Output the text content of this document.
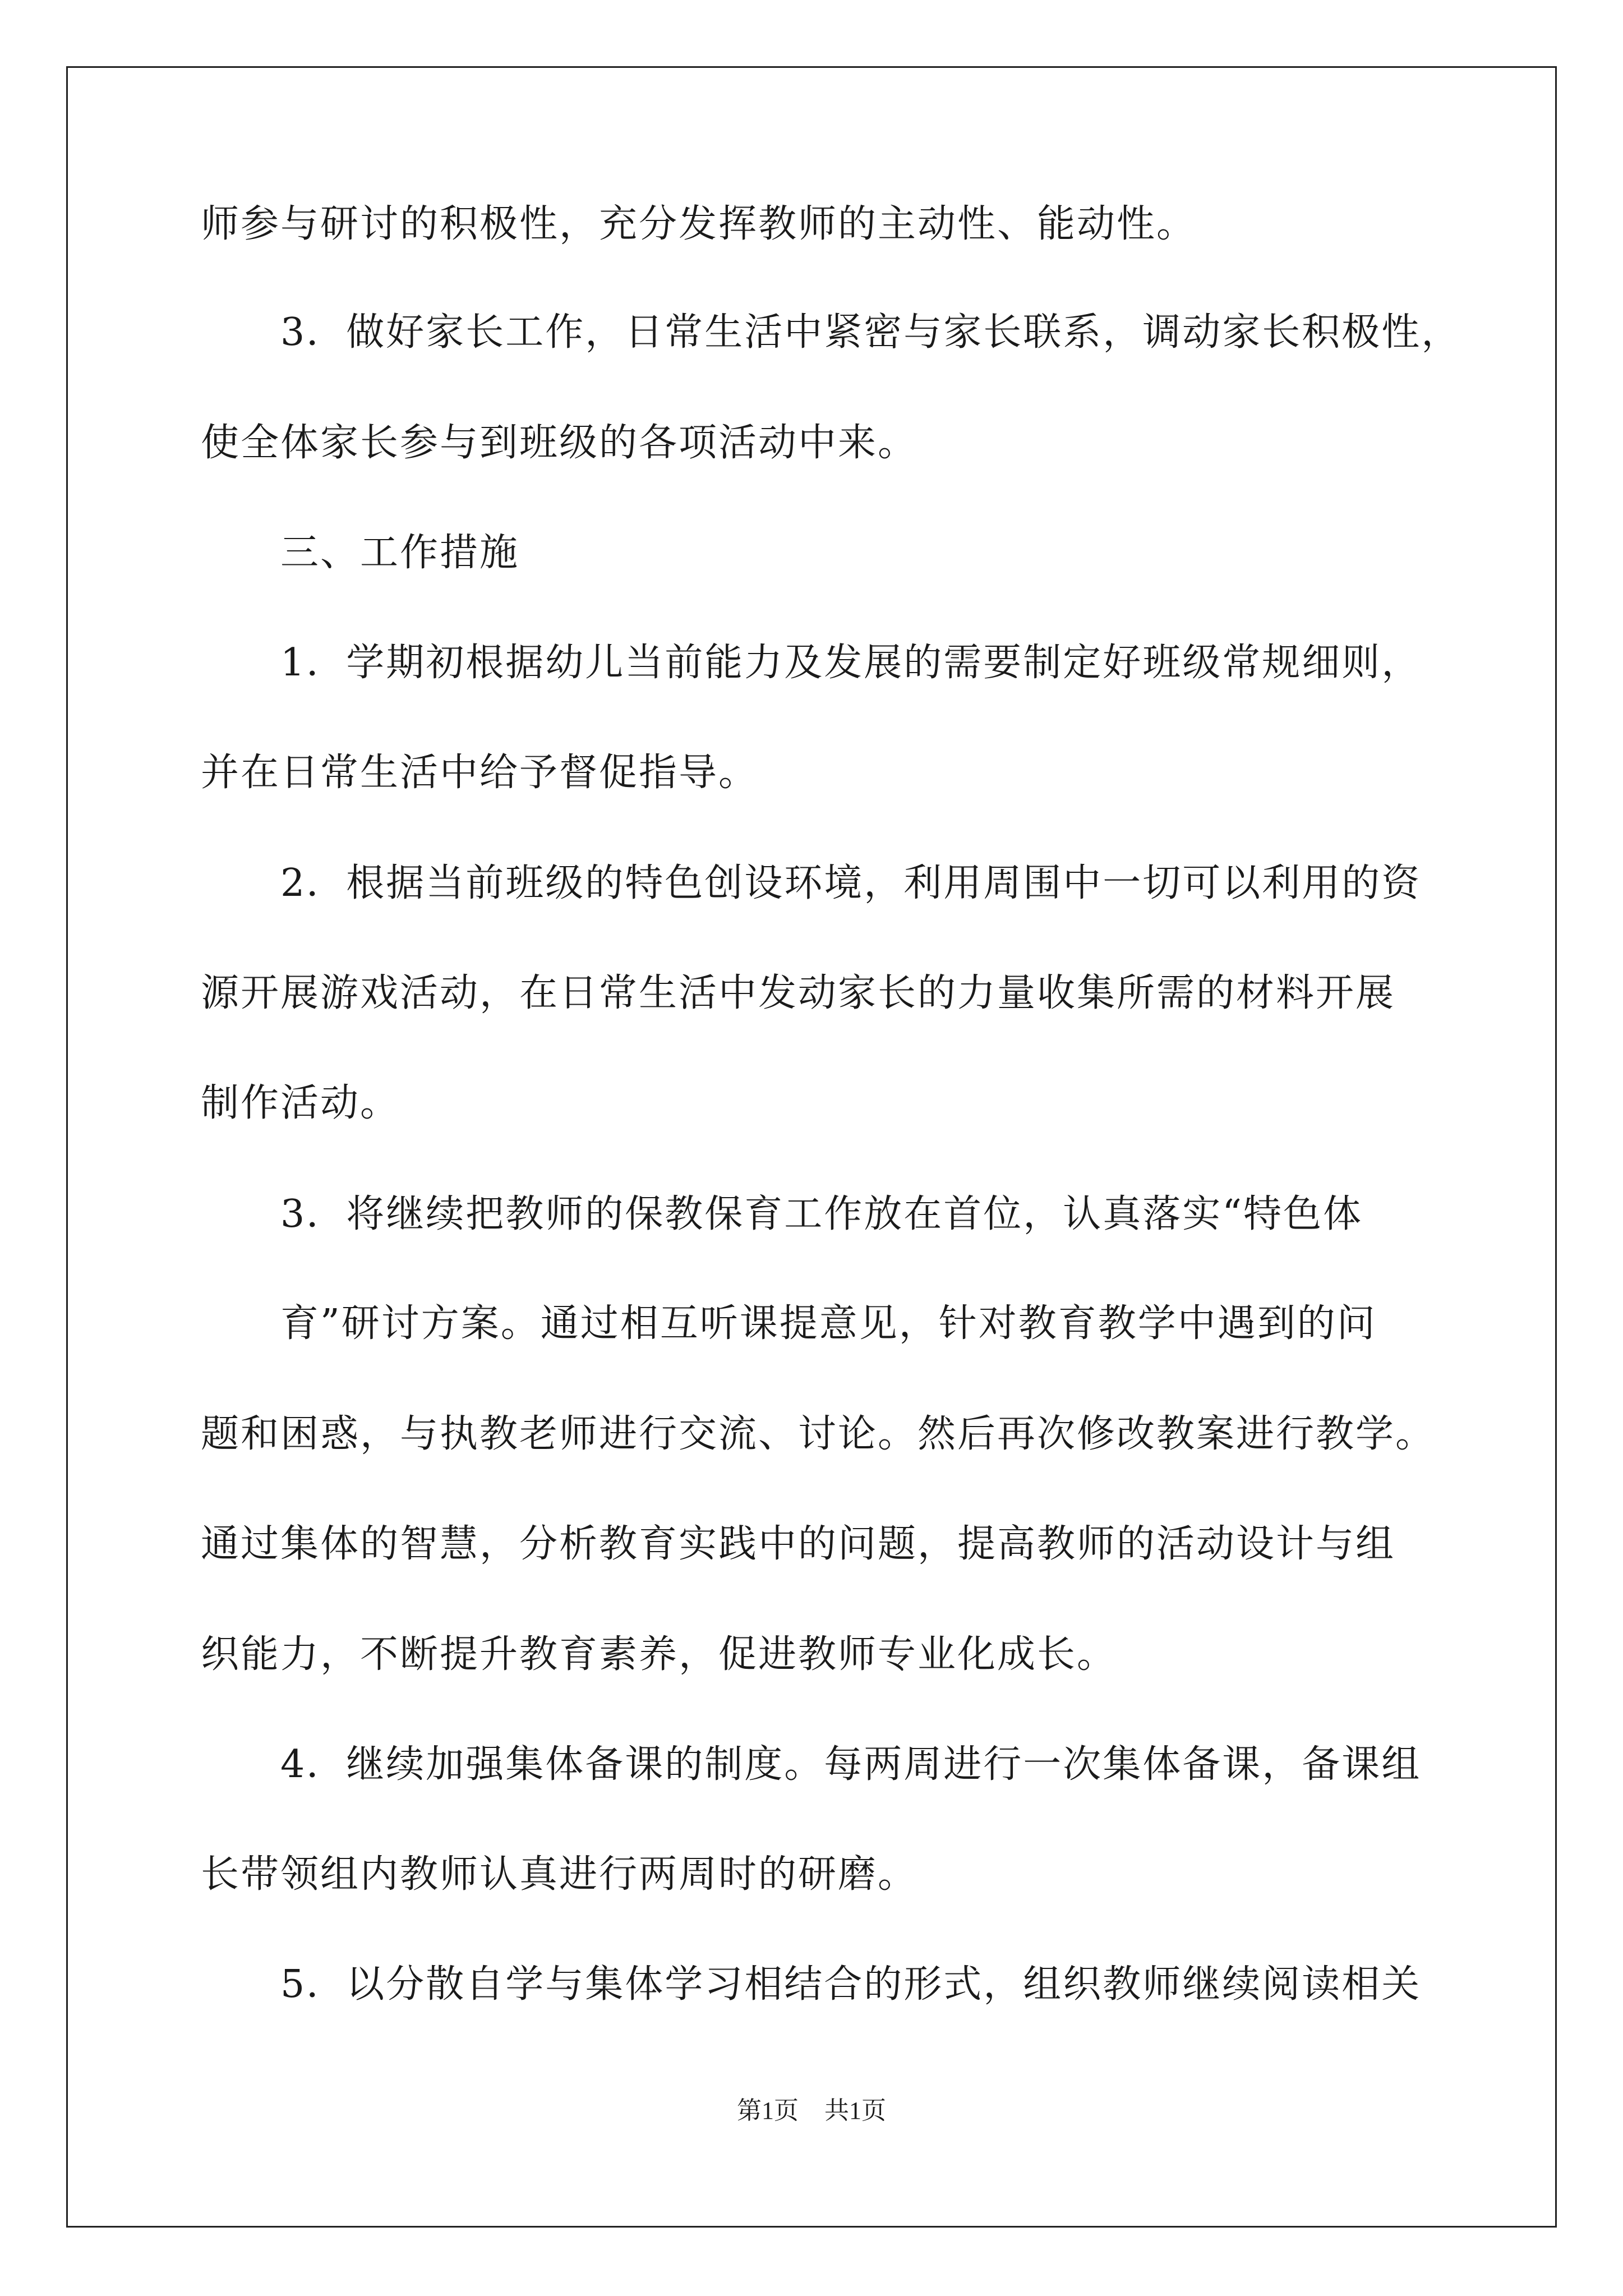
师参与研讨的积极性，充分发挥教师的主动性、能动性。
　　3．做好家长工作，日常生活中紧密与家长联系，调动家长积极性，
使全体家长参与到班级的各项活动中来。
　　三、工作措施
　　1．学期初根据幼儿当前能力及发展的需要制定好班级常规细则，
并在日常生活中给予督促指导。
　　2．根据当前班级的特色创设环境，利用周围中一切可以利用的资
源开展游戏活动，在日常生活中发动家长的力量收集所需的材料开展
制作活动。
　　3．将继续把教师的保教保育工作放在首位，认真落实“特色体
　　育”研讨方案。通过相互听课提意见，针对教育教学中遇到的问
题和困惑，与执教老师进行交流、讨论。然后再次修改教案进行教学。
通过集体的智慧，分析教育实践中的问题，提高教师的活动设计与组
织能力，不断提升教育素养，促进教师专业化成长。
　　4．继续加强集体备课的制度。每两周进行一次集体备课，备课组
长带领组内教师认真进行两周时的研磨。
　　5．以分散自学与集体学习相结合的形式，组织教师继续阅读相关
第1页 共1页
